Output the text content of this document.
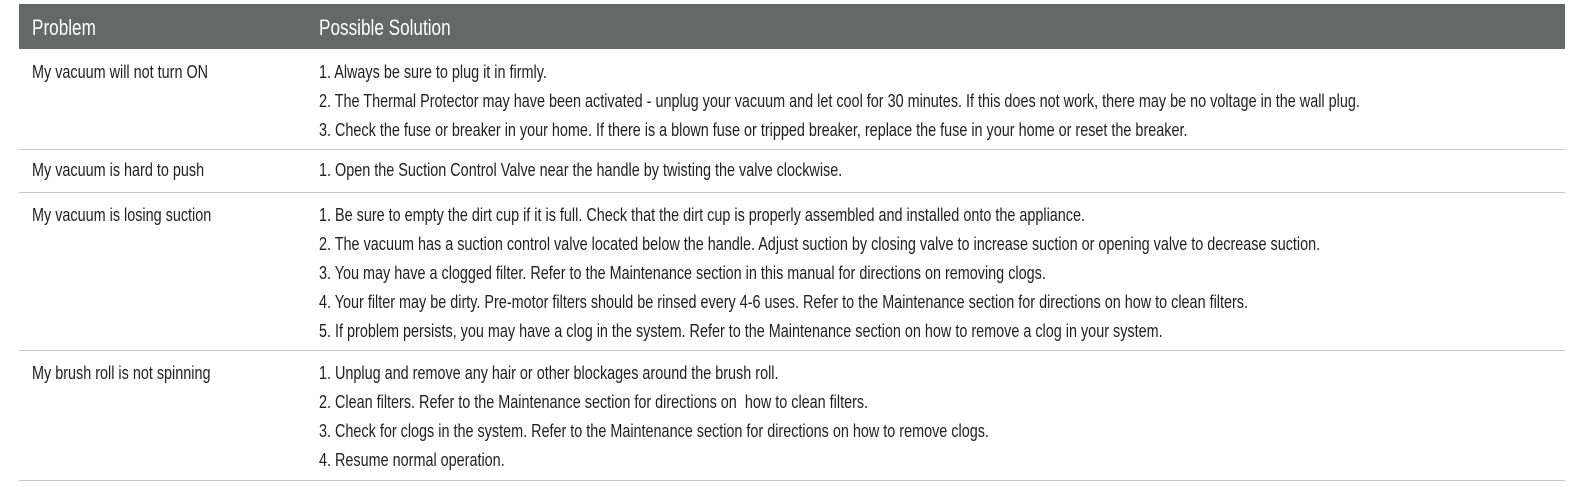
Problem	Possible Solution
My vacuum will not turn ON	1. Always be sure to plug it in firmly.
2. The Thermal Protector may have been activated - unplug your vacuum and let cool for 30 minutes. If this does not work, there may be no voltage in the wall plug.
3. Check the fuse or breaker in your home. If there is a blown fuse or tripped breaker, replace the fuse in your home or reset the breaker.
My vacuum is hard to push	1. Open the Suction Control Valve near the handle by twisting the valve clockwise.
My vacuum is losing suction	1. Be sure to empty the dirt cup if it is full. Check that the dirt cup is properly assembled and installed onto the appliance.
2. The vacuum has a suction control valve located below the handle. Adjust suction by closing valve to increase suction or opening valve to decrease suction.
3. You may have a clogged filter. Refer to the Maintenance section in this manual for directions on removing clogs.
4. Your filter may be dirty. Pre-motor filters should be rinsed every 4-6 uses. Refer to the Maintenance section for directions on how to clean filters.
5. If problem persists, you may have a clog in the system. Refer to the Maintenance section on how to remove a clog in your system.
My brush roll is not spinning	1. Unplug and remove any hair or other blockages around the brush roll.
2. Clean filters. Refer to the Maintenance section for directions on  how to clean filters.
3. Check for clogs in the system. Refer to the Maintenance section for directions on how to remove clogs.
4. Resume normal operation.
